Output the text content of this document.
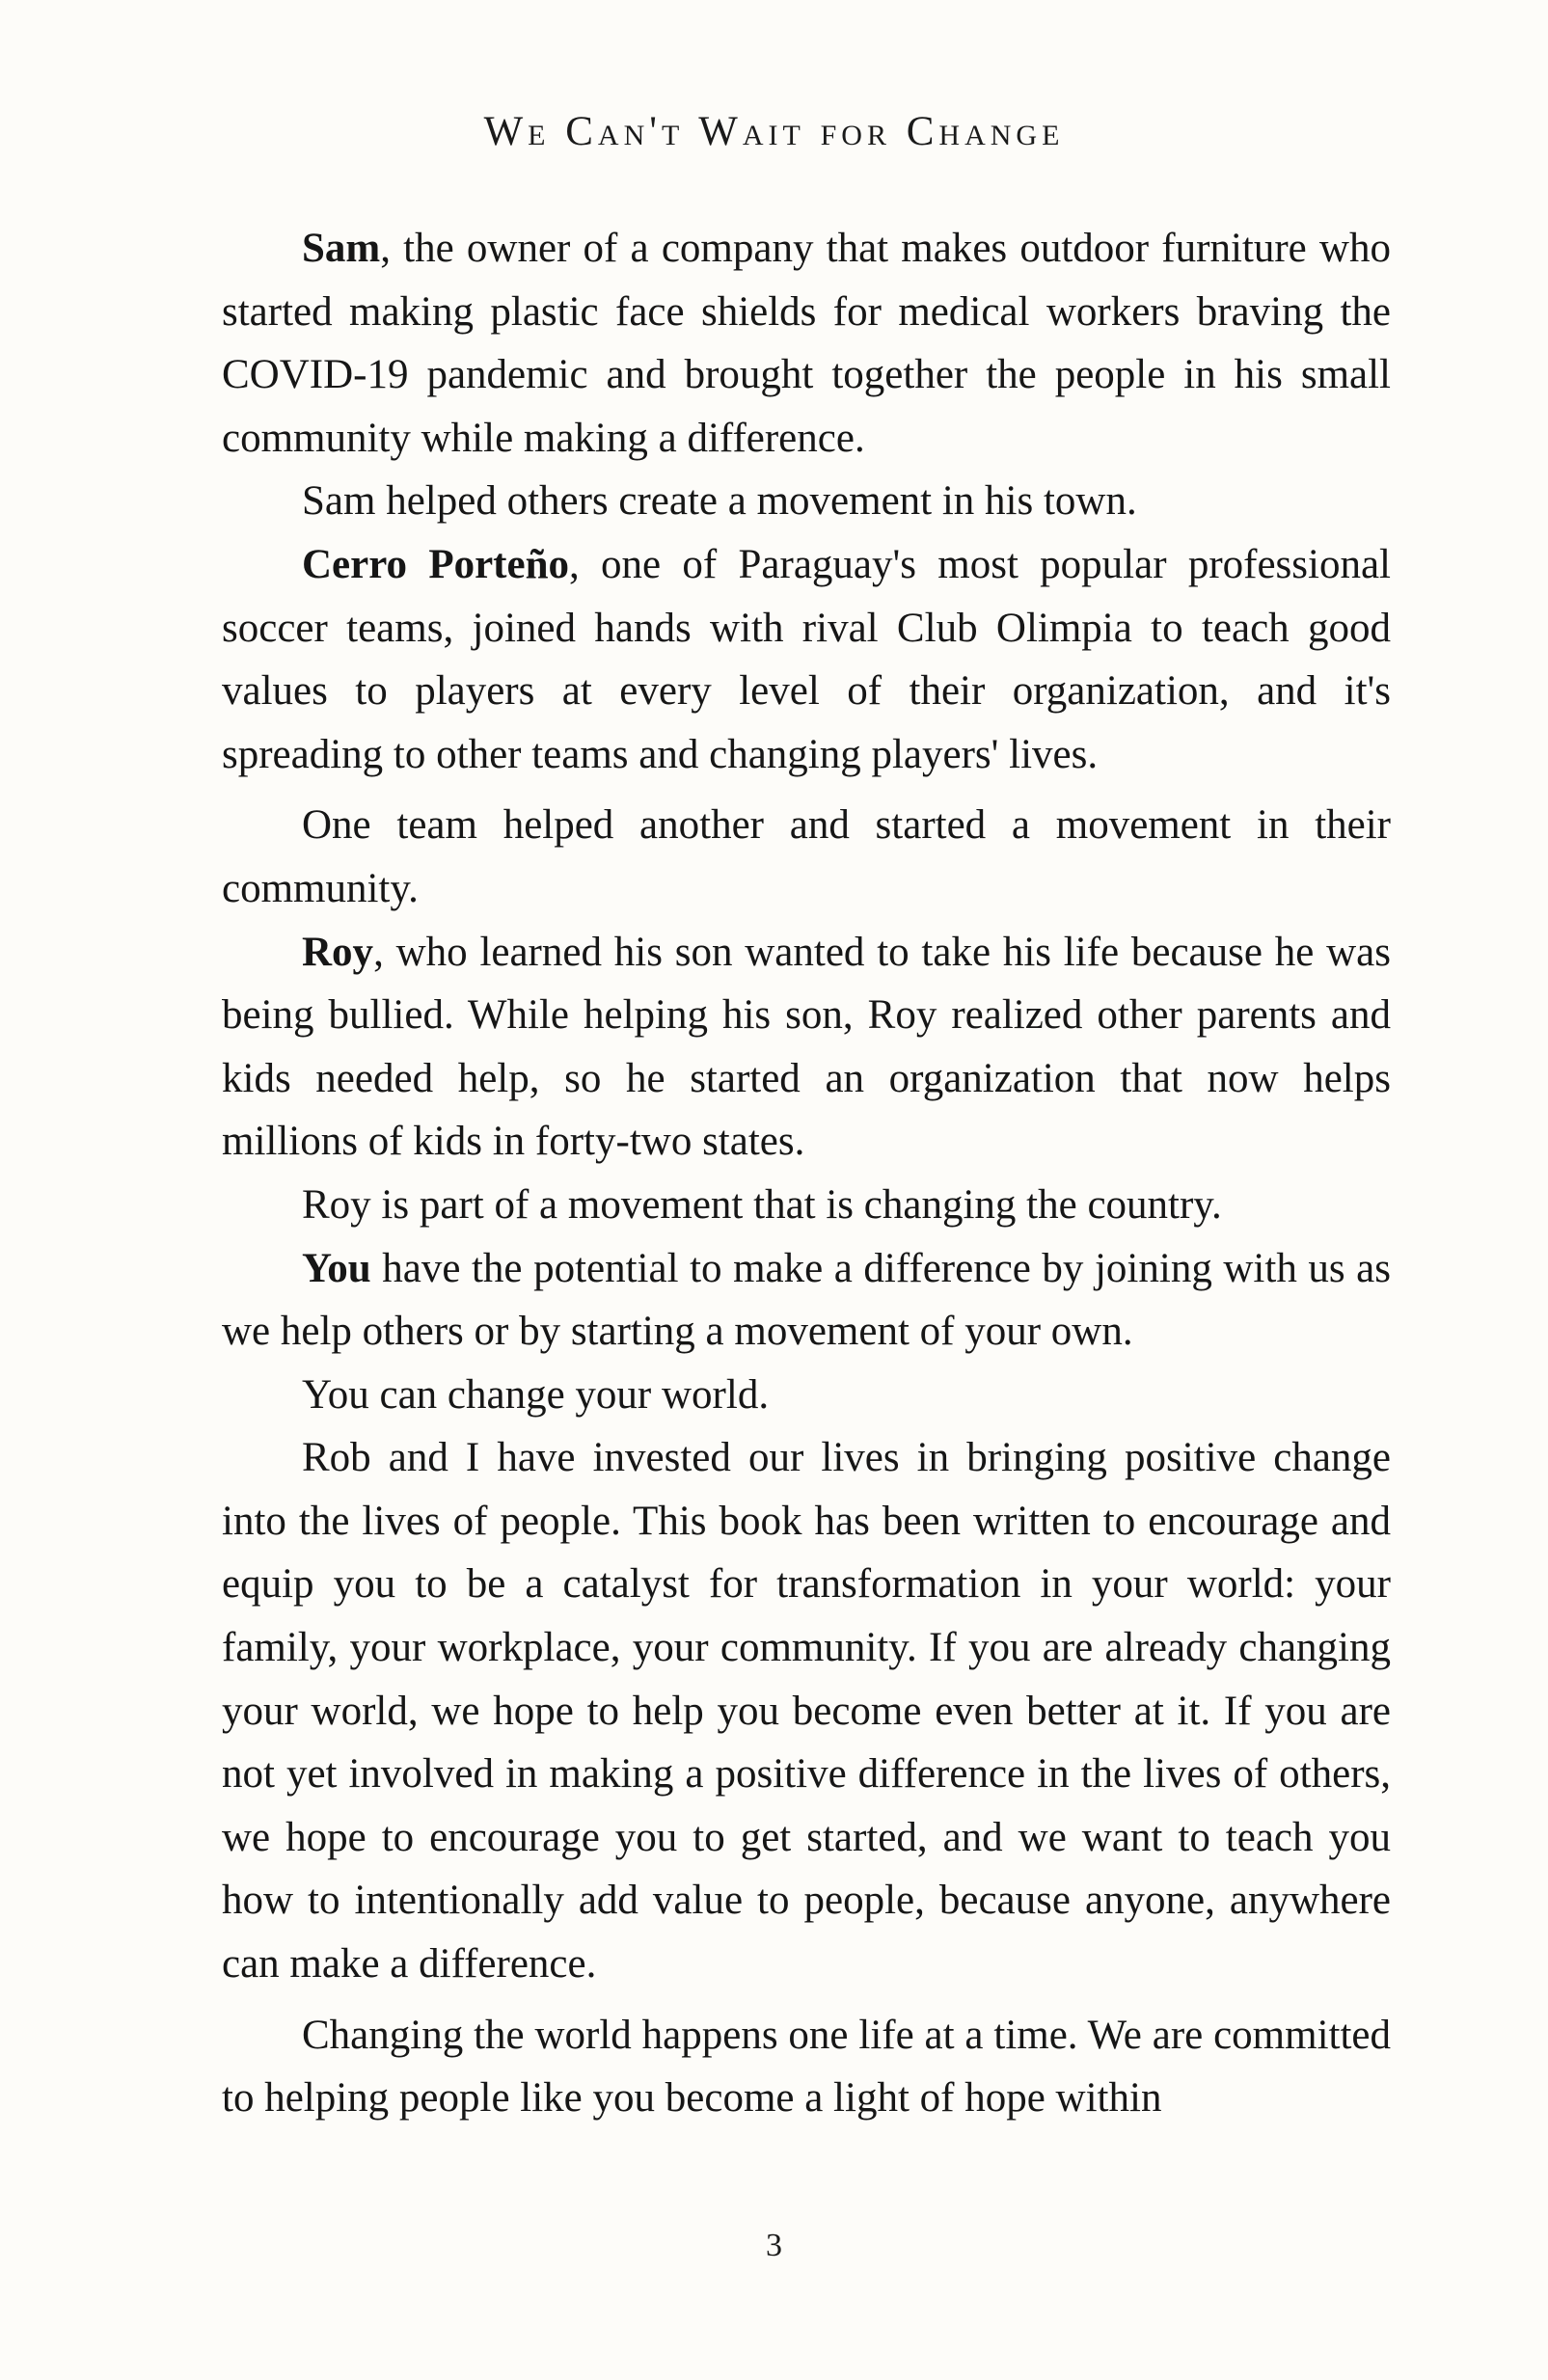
We Can't Wait for Change

Sam, the owner of a company that makes outdoor furniture who started making plastic face shields for medical workers braving the COVID-19 pandemic and brought together the people in his small community while making a difference.

Sam helped others create a movement in his town.

Cerro Porteño, one of Paraguay's most popular professional soccer teams, joined hands with rival Club Olimpia to teach good values to players at every level of their organization, and it's spreading to other teams and changing players' lives.

One team helped another and started a movement in their community.

Roy, who learned his son wanted to take his life because he was being bullied. While helping his son, Roy realized other parents and kids needed help, so he started an organization that now helps millions of kids in forty-two states.

Roy is part of a movement that is changing the country.

You have the potential to make a difference by joining with us as we help others or by starting a movement of your own.

You can change your world.

Rob and I have invested our lives in bringing positive change into the lives of people. This book has been written to encourage and equip you to be a catalyst for transformation in your world: your family, your workplace, your community. If you are already changing your world, we hope to help you become even better at it. If you are not yet involved in making a positive difference in the lives of others, we hope to encourage you to get started, and we want to teach you how to intentionally add value to people, because anyone, anywhere can make a difference.

Changing the world happens one life at a time. We are committed to helping people like you become a light of hope within

3
